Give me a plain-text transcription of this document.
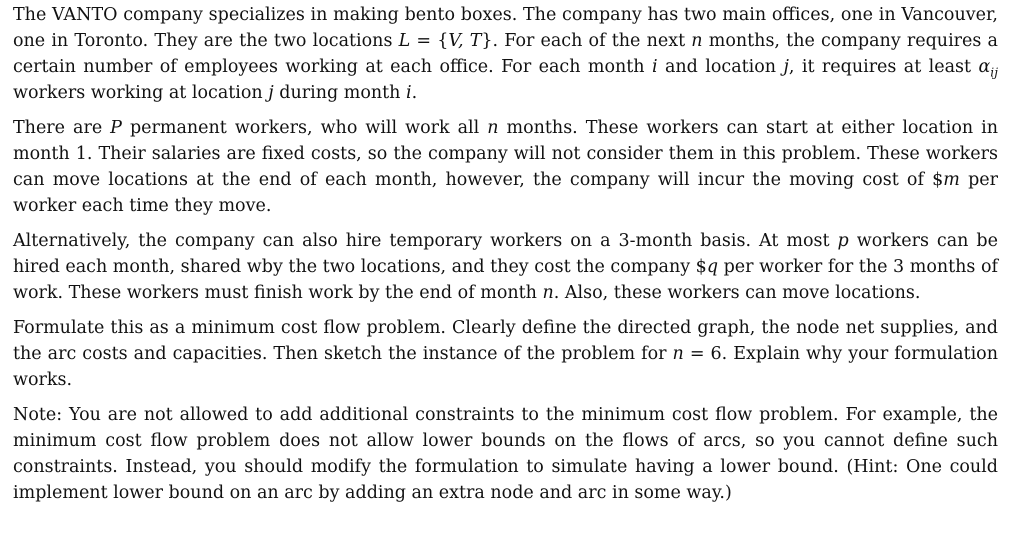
The VANTO company specializes in making bento boxes. The company has two main offices, one in Vancouver, one in Toronto. They are the two locations L = {V, T}. For each of the next n months, the company requires a certain number of employees working at each office. For each month i and location j, it requires at least $\alpha_{ij}$ workers working at location j during month i.

There are P permanent workers, who will work all n months. These workers can start at either location in month 1. Their salaries are fixed costs, so the company will not consider them in this problem. These workers can move locations at the end of each month, however, the company will incur the moving cost of $m per worker each time they move.

Alternatively, the company can also hire temporary workers on a 3-month basis. At most p workers can be hired each month, shared wby the two locations, and they cost the company $q per worker for the 3 months of work. These workers must finish work by the end of month n. Also, these workers can move locations.

Formulate this as a minimum cost flow problem. Clearly define the directed graph, the node net supplies, and the arc costs and capacities. Then sketch the instance of the problem for n = 6. Explain why your formulation works.

Note: You are not allowed to add additional constraints to the minimum cost flow problem. For example, the minimum cost flow problem does not allow lower bounds on the flows of arcs, so you cannot define such constraints. Instead, you should modify the formulation to simulate having a lower bound. (Hint: One could implement lower bound on an arc by adding an extra node and arc in some way.)
